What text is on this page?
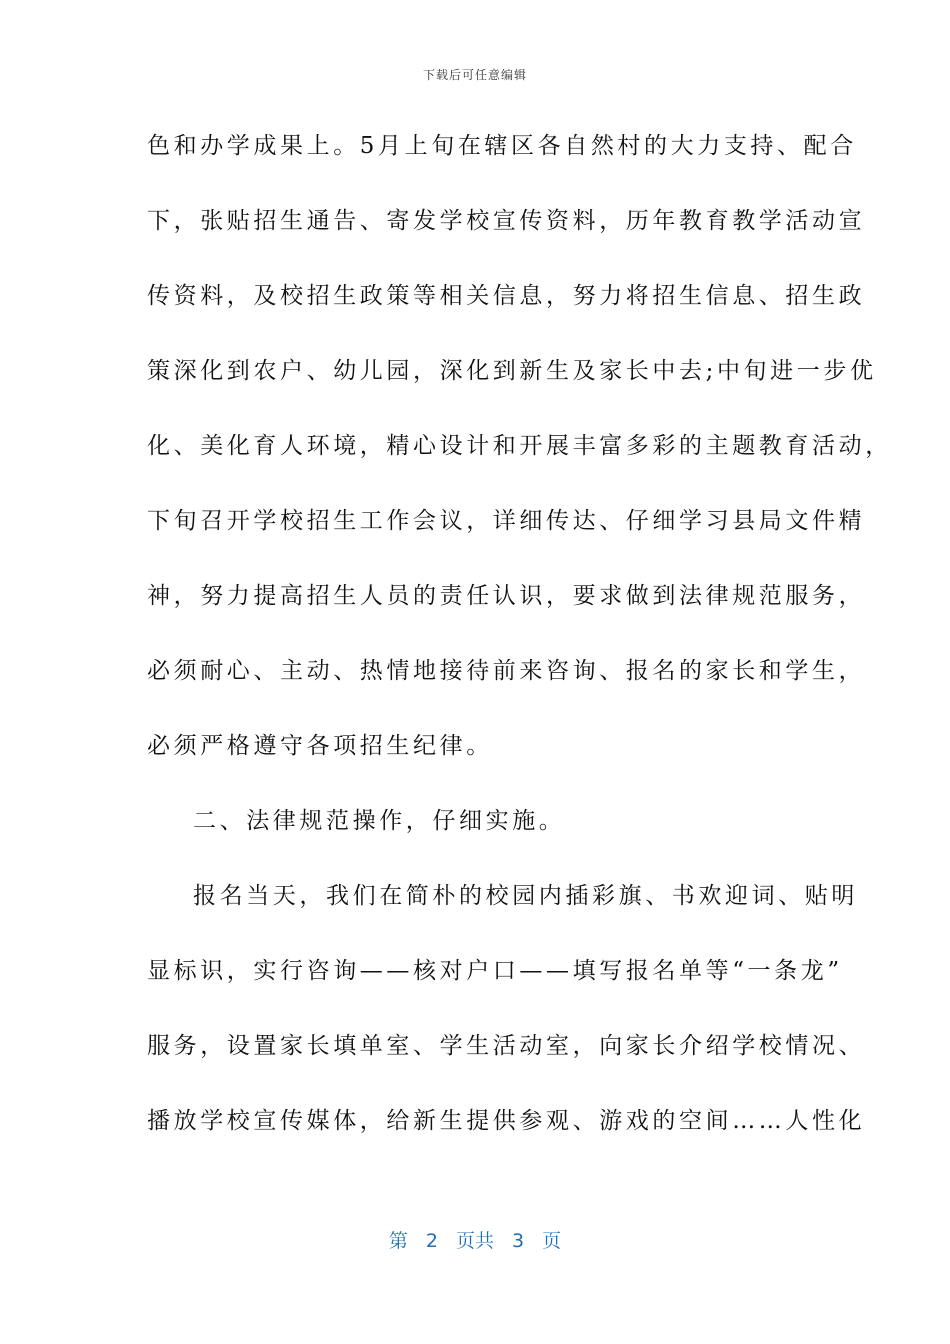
下载后可任意编辑
色和办学成果上。5月上旬在辖区各自然村的大力支持、配合
下，张贴招生通告、寄发学校宣传资料，历年教育教学活动宣
传资料，及校招生政策等相关信息，努力将招生信息、招生政
策深化到农户、幼儿园，深化到新生及家长中去;中旬进一步优
化、美化育人环境，精心设计和开展丰富多彩的主题教育活动，
下旬召开学校招生工作会议，详细传达、仔细学习县局文件精
神，努力提高招生人员的责任认识，要求做到法律规范服务，
必须耐心、主动、热情地接待前来咨询、报名的家长和学生，
必须严格遵守各项招生纪律。
二、法律规范操作，仔细实施。
报名当天，我们在简朴的校园内插彩旗、书欢迎词、贴明
显标识，实行咨询——核对户口——填写报名单等“一条龙”
服务，设置家长填单室、学生活动室，向家长介绍学校情况、
播放学校宣传媒体，给新生提供参观、游戏的空间……人性化
第 2 页共 3 页
